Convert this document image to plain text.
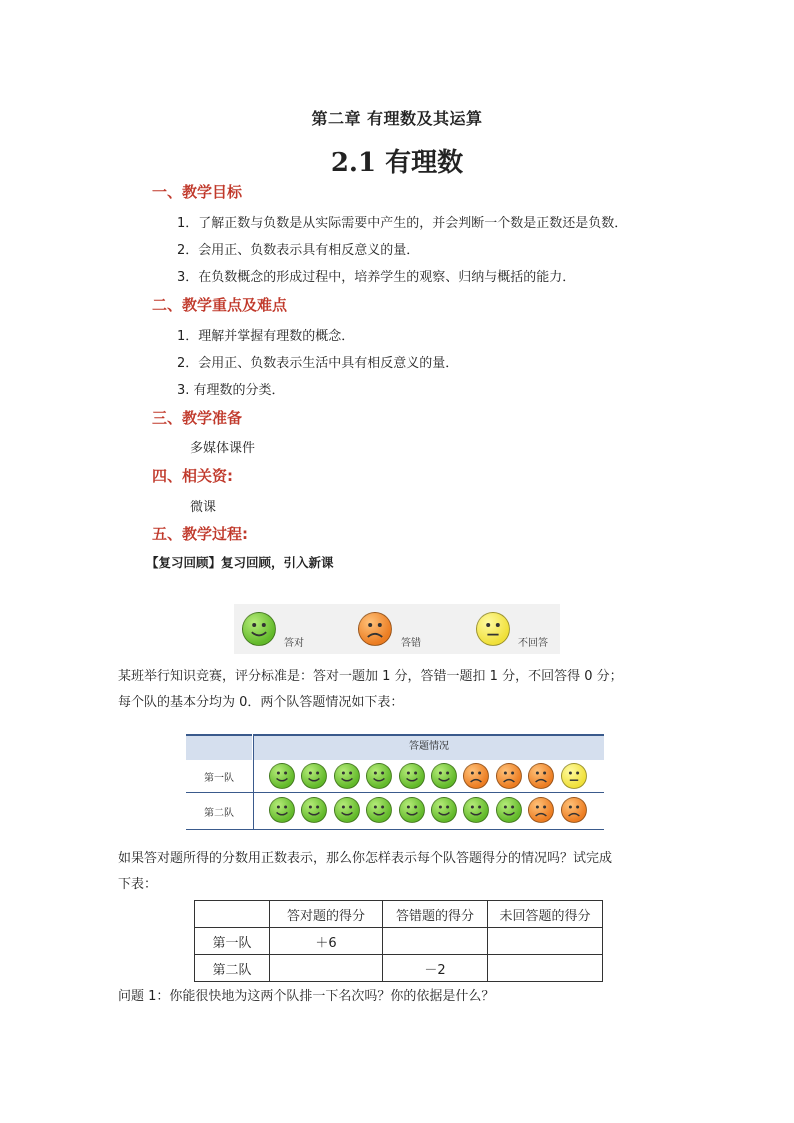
第二章 有理数及其运算
2.1 有理数
一、教学目标
1．了解正数与负数是从实际需要中产生的，并会判断一个数是正数还是负数．
2．会用正、负数表示具有相反意义的量．
3．在负数概念的形成过程中，培养学生的观察、归纳与概括的能力．
二、教学重点及难点
1．理解并掌握有理数的概念．
2．会用正、负数表示生活中具有相反意义的量．
3. 有理数的分类．
三、教学准备
多媒体课件
四、相关资:
微课
五、教学过程:
【复习回顾】复习回顾，引入新课
答对	答错	不回答
某班举行知识竞赛，评分标准是：答对一题加 1 分，答错一题扣 1 分，不回答得 0 分；
每个队的基本分均为 0．两个队答题情况如下表：
答题情况
第一队
第二队
如果答对题所得的分数用正数表示，那么你怎样表示每个队答题得分的情况吗？试完成
下表：
	答对题的得分	答错题的得分	未回答题的得分
第一队	＋6		
第二队		－2	
问题 1：你能很快地为这两个队排一下名次吗？你的依据是什么？
